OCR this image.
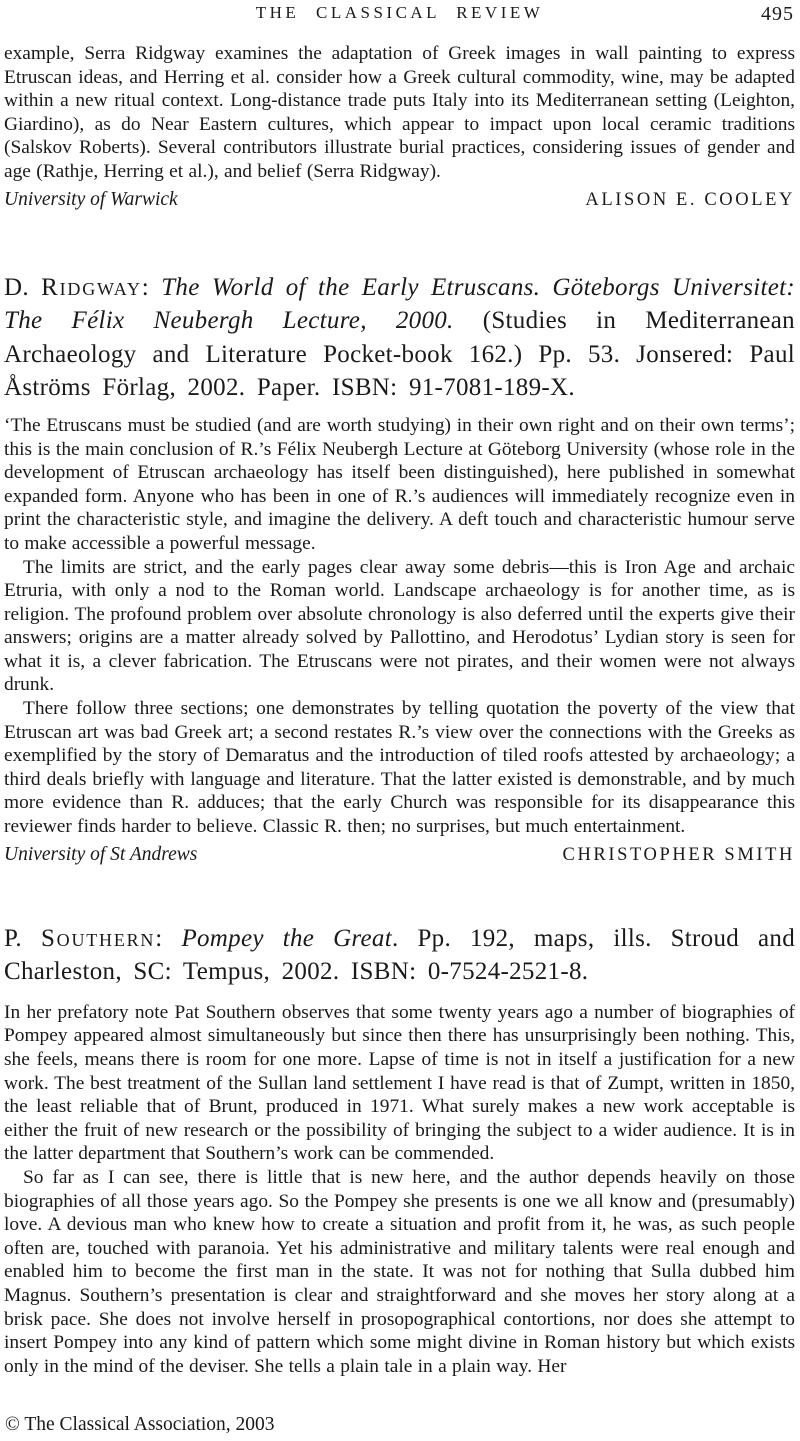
THE CLASSICAL REVIEW	495

example, Serra Ridgway examines the adaptation of Greek images in wall painting to express Etruscan ideas, and Herring et al. consider how a Greek cultural commodity, wine, may be adapted within a new ritual context. Long-distance trade puts Italy into its Mediterranean setting (Leighton, Giardino), as do Near Eastern cultures, which appear to impact upon local ceramic traditions (Salskov Roberts). Several contributors illustrate burial practices, considering issues of gender and age (Rathje, Herring et al.), and belief (Serra Ridgway).

University of Warwick	ALISON E. COOLEY
D. Ridgway: The World of the Early Etruscans. Göteborgs Universitet: The Félix Neubergh Lecture, 2000. (Studies in Mediterranean Archaeology and Literature Pocket-book 162.) Pp. 53. Jonsered: Paul Åströms Förlag, 2002. Paper. ISBN: 91-7081-189-X.

‘The Etruscans must be studied (and are worth studying) in their own right and on their own terms’; this is the main conclusion of R.’s Félix Neubergh Lecture at Göteborg University (whose role in the development of Etruscan archaeology has itself been distinguished), here published in somewhat expanded form. Anyone who has been in one of R.’s audiences will immediately recognize even in print the characteristic style, and imagine the delivery. A deft touch and characteristic humour serve to make accessible a powerful message.

The limits are strict, and the early pages clear away some debris—this is Iron Age and archaic Etruria, with only a nod to the Roman world. Landscape archaeology is for another time, as is religion. The profound problem over absolute chronology is also deferred until the experts give their answers; origins are a matter already solved by Pallottino, and Herodotus’ Lydian story is seen for what it is, a clever fabrication. The Etruscans were not pirates, and their women were not always drunk.

There follow three sections; one demonstrates by telling quotation the poverty of the view that Etruscan art was bad Greek art; a second restates R.’s view over the connections with the Greeks as exemplified by the story of Demaratus and the introduction of tiled roofs attested by archaeology; a third deals briefly with language and literature. That the latter existed is demonstrable, and by much more evidence than R. adduces; that the early Church was responsible for its disappearance this reviewer finds harder to believe. Classic R. then; no surprises, but much entertainment.

University of St Andrews	CHRISTOPHER SMITH
P. Southern: Pompey the Great. Pp. 192, maps, ills. Stroud and Charleston, SC: Tempus, 2002. ISBN: 0-7524-2521-8.

In her prefatory note Pat Southern observes that some twenty years ago a number of biographies of Pompey appeared almost simultaneously but since then there has unsurprisingly been nothing. This, she feels, means there is room for one more. Lapse of time is not in itself a justification for a new work. The best treatment of the Sullan land settlement I have read is that of Zumpt, written in 1850, the least reliable that of Brunt, produced in 1971. What surely makes a new work acceptable is either the fruit of new research or the possibility of bringing the subject to a wider audience. It is in the latter department that Southern’s work can be commended.

So far as I can see, there is little that is new here, and the author depends heavily on those biographies of all those years ago. So the Pompey she presents is one we all know and (presumably) love. A devious man who knew how to create a situation and profit from it, he was, as such people often are, touched with paranoia. Yet his administrative and military talents were real enough and enabled him to become the first man in the state. It was not for nothing that Sulla dubbed him Magnus. Southern’s presentation is clear and straightforward and she moves her story along at a brisk pace. She does not involve herself in prosopographical contortions, nor does she attempt to insert Pompey into any kind of pattern which some might divine in Roman history but which exists only in the mind of the deviser. She tells a plain tale in a plain way. Her

© The Classical Association, 2003
